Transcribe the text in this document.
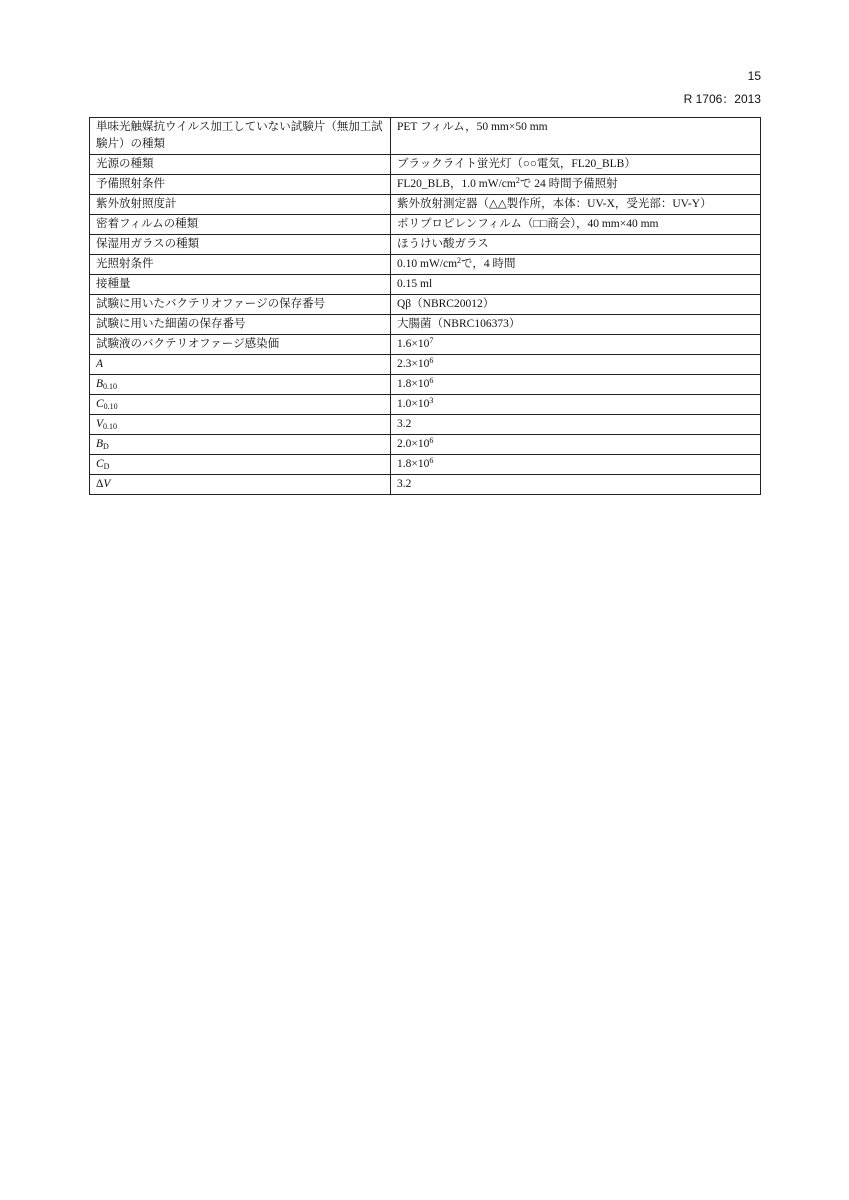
15
R 1706：2013
単味光触媒抗ウイルス加工していない試験片（無加工試験片）の種類	PET フィルム，50 mm×50 mm
光源の種類	ブラックライト蛍光灯（○○電気，FL20_BLB）
予備照射条件	FL20_BLB，1.0 $mW/cm^2$で 24 時間予備照射
紫外放射照度計	紫外放射測定器（△△製作所，本体：UV-X，受光部：UV-Y）
密着フィルムの種類	ポリプロピレンフィルム（□□商会），40 mm×40 mm
保湿用ガラスの種類	ほうけい酸ガラス
光照射条件	0.10 $mW/cm^2$で，4 時間
接種量	0.15 ml
試験に用いたバクテリオファージの保存番号	Qβ（NBRC20012）
試験に用いた細菌の保存番号	大腸菌（NBRC106373）
試験液のバクテリオファージ感染価	$1.6\times 10^7$
A	$2.3\times 10^6$
$B_{0.10}$	$1.8\times 10^6$
$C_{0.10}$	$1.0\times 10^3$
$V_{0.10}$	3.2
$B_D$	$2.0\times 10^6$
$C_D$	$1.8\times 10^6$
ΔV	3.2
